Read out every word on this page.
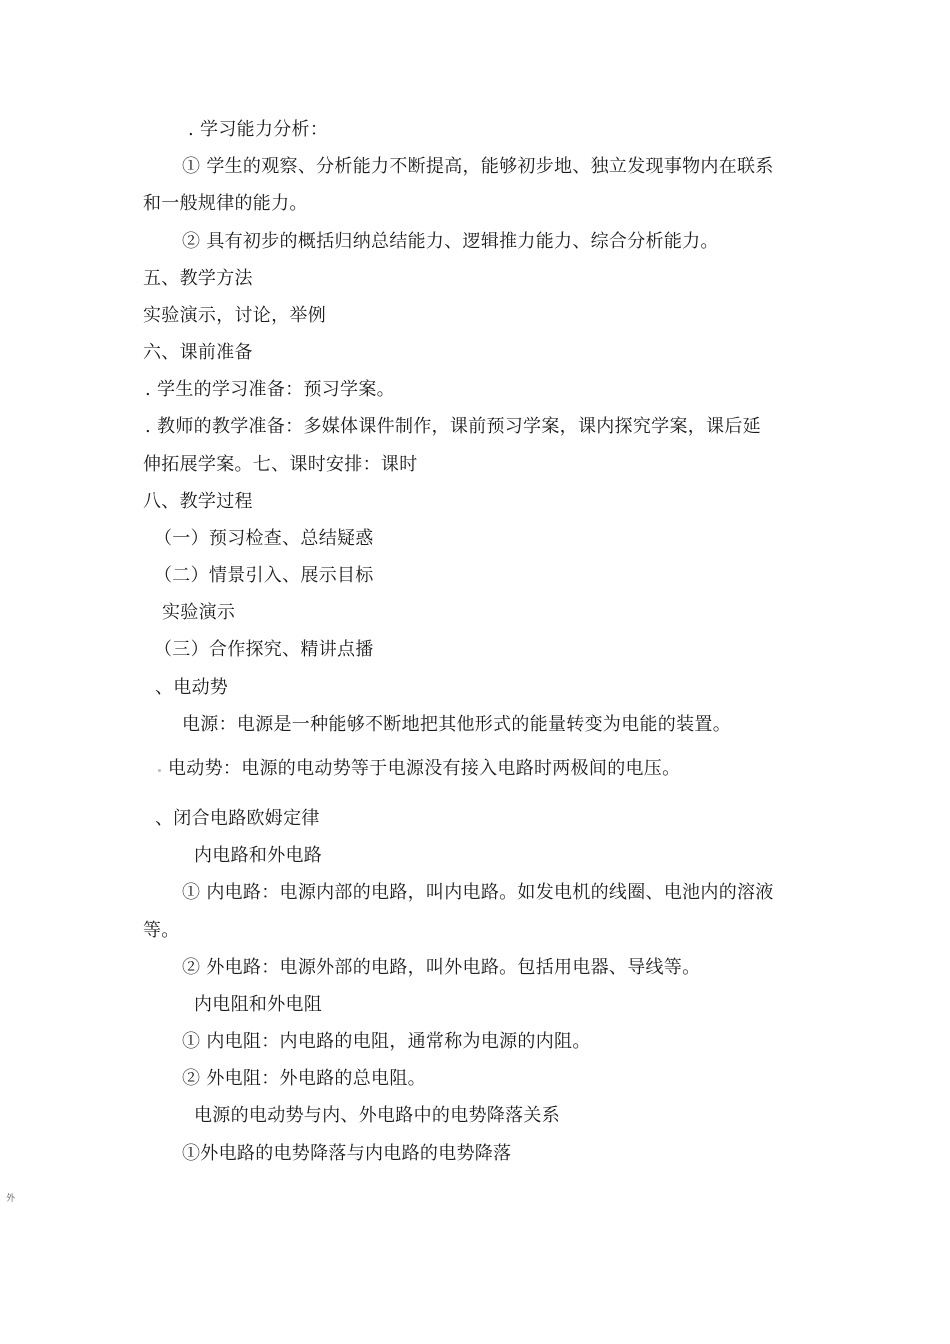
. 学习能力分析：
① 学生的观察、分析能力不断提高，能够初步地、独立发现事物内在联系
和一般规律的能力。
② 具有初步的概括归纳总结能力、逻辑推力能力、综合分析能力。
五、教学方法
实验演示，讨论，举例
六、课前准备
. 学生的学习准备：预习学案。
. 教师的教学准备：多媒体课件制作，课前预习学案，课内探究学案，课后延
伸拓展学案。七、课时安排：课时
八、教学过程
（一）预习检查、总结疑惑
（二）情景引入、展示目标
实验演示
（三）合作探究、精讲点播
、电动势
电源：电源是一种能够不断地把其他形式的能量转变为电能的装置。
电动势：电源的电动势等于电源没有接入电路时两极间的电压。
、闭合电路欧姆定律
内电路和外电路
① 内电路：电源内部的电路，叫内电路。如发电机的线圈、电池内的溶液
等。
② 外电路：电源外部的电路，叫外电路。包括用电器、导线等。
内电阻和外电阻
① 内电阻：内电路的电阻，通常称为电源的内阻。
② 外电阻：外电路的总电阻。
电源的电动势与内、外电路中的电势降落关系
①外电路的电势降落与内电路的电势降落
外
